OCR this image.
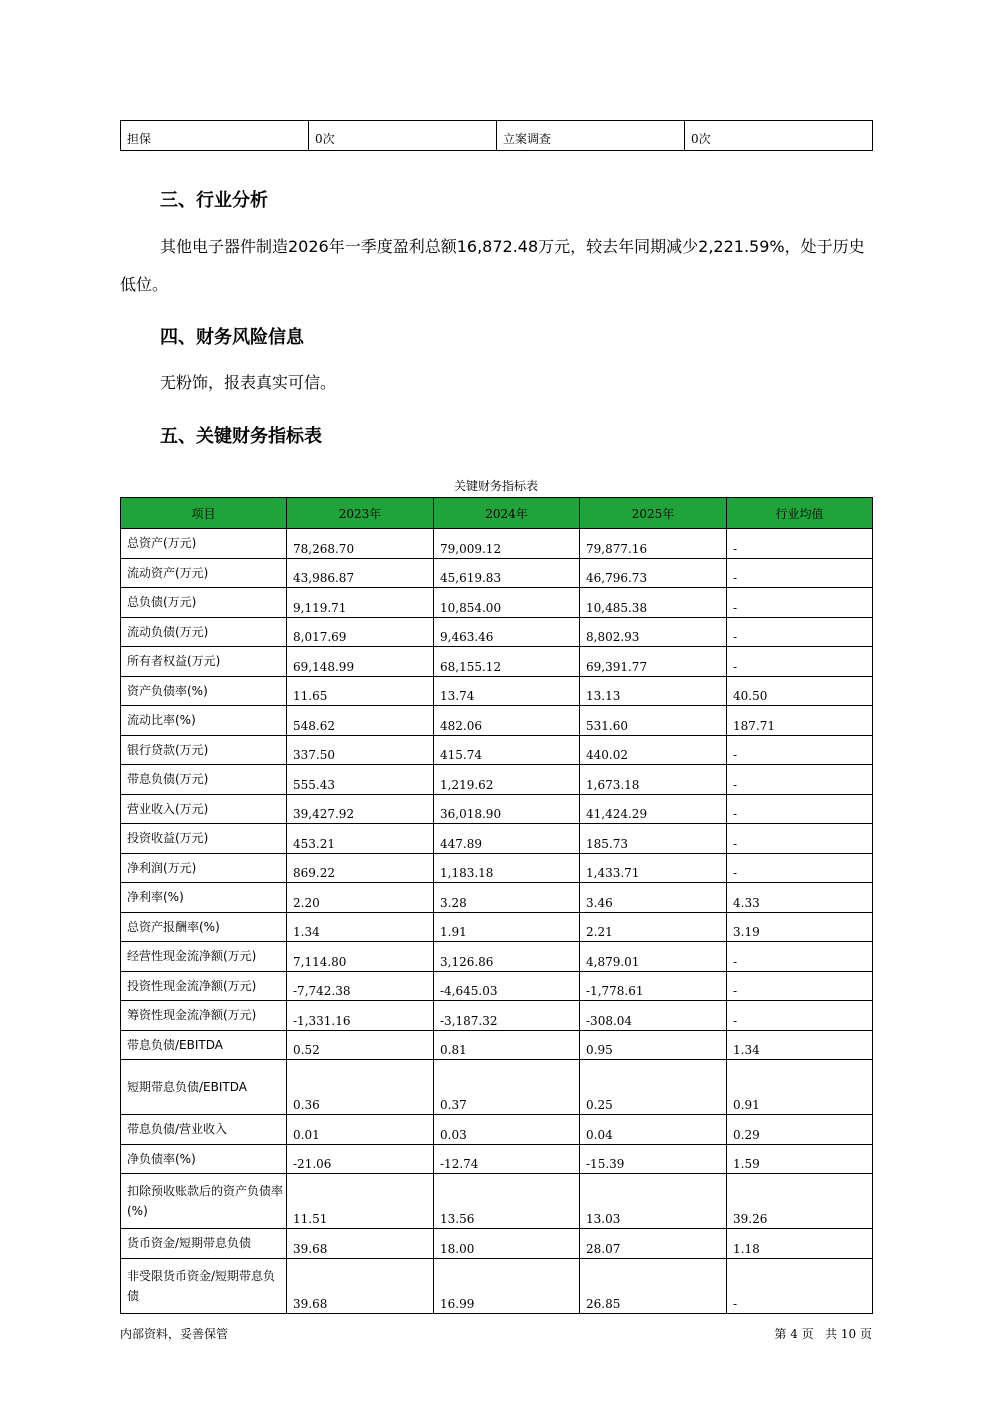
担保	0次	立案调查	0次
三、行业分析

其他电子器件制造2026年一季度盈利总额16,872.48万元，较去年同期减少2,221.59%，处于历史低位。

四、财务风险信息

无粉饰，报表真实可信。

五、关键财务指标表
关键财务指标表
项目	2023年	2024年	2025年	行业均值
总资产(万元)	78,268.70	79,009.12	79,877.16	-
流动资产(万元)	43,986.87	45,619.83	46,796.73	-
总负债(万元)	9,119.71	10,854.00	10,485.38	-
流动负债(万元)	8,017.69	9,463.46	8,802.93	-
所有者权益(万元)	69,148.99	68,155.12	69,391.77	-
资产负债率(%)	11.65	13.74	13.13	40.50
流动比率(%)	548.62	482.06	531.60	187.71
银行贷款(万元)	337.50	415.74	440.02	-
带息负债(万元)	555.43	1,219.62	1,673.18	-
营业收入(万元)	39,427.92	36,018.90	41,424.29	-
投资收益(万元)	453.21	447.89	185.73	-
净利润(万元)	869.22	1,183.18	1,433.71	-
净利率(%)	2.20	3.28	3.46	4.33
总资产报酬率(%)	1.34	1.91	2.21	3.19
经营性现金流净额(万元)	7,114.80	3,126.86	4,879.01	-
投资性现金流净额(万元)	-7,742.38	-4,645.03	-1,778.61	-
筹资性现金流净额(万元)	-1,331.16	-3,187.32	-308.04	-
带息负债/EBITDA	0.52	0.81	0.95	1.34
短期带息负债/EBITDA	0.36	0.37	0.25	0.91
带息负债/营业收入	0.01	0.03	0.04	0.29
净负债率(%)	-21.06	-12.74	-15.39	1.59
扣除预收账款后的资产负债率(%)	11.51	13.56	13.03	39.26
货币资金/短期带息负债	39.68	18.00	28.07	1.18
非受限货币资金/短期带息负债	39.68	16.99	26.85	-
内部资料，妥善保管	第 4 页   共 10 页
